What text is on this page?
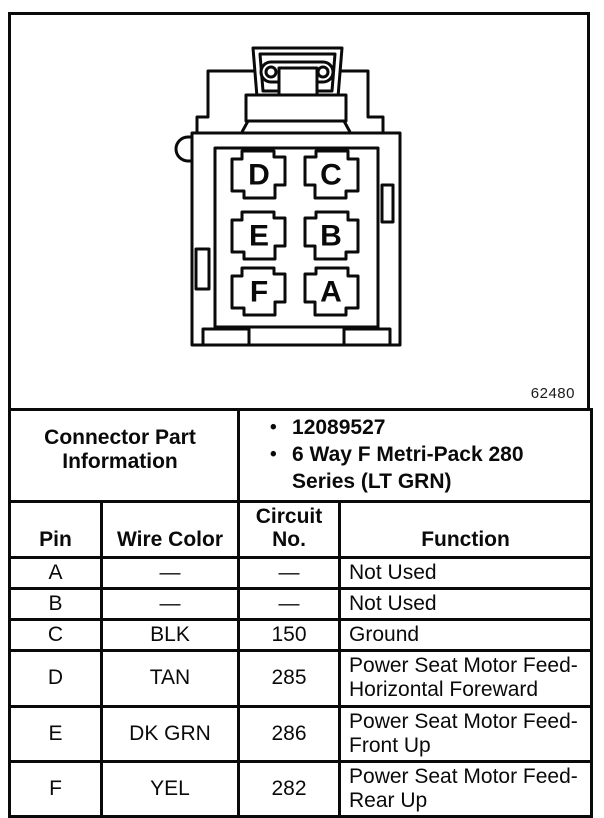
D C
E B
F A
62480
Connector Part Information		• 12089527
• 6 Way F Metri-Pack 280 Series (LT GRN)	

Pin	Wire Color	Circuit No.	Function
A	—	—	Not Used
B	—	—	Not Used
C	BLK	150	Ground
D	TAN	285	Power Seat Motor Feed-Horizontal Foreward
E	DK GRN	286	Power Seat Motor Feed-Front Up
F	YEL	282	Power Seat Motor Feed-Rear Up
